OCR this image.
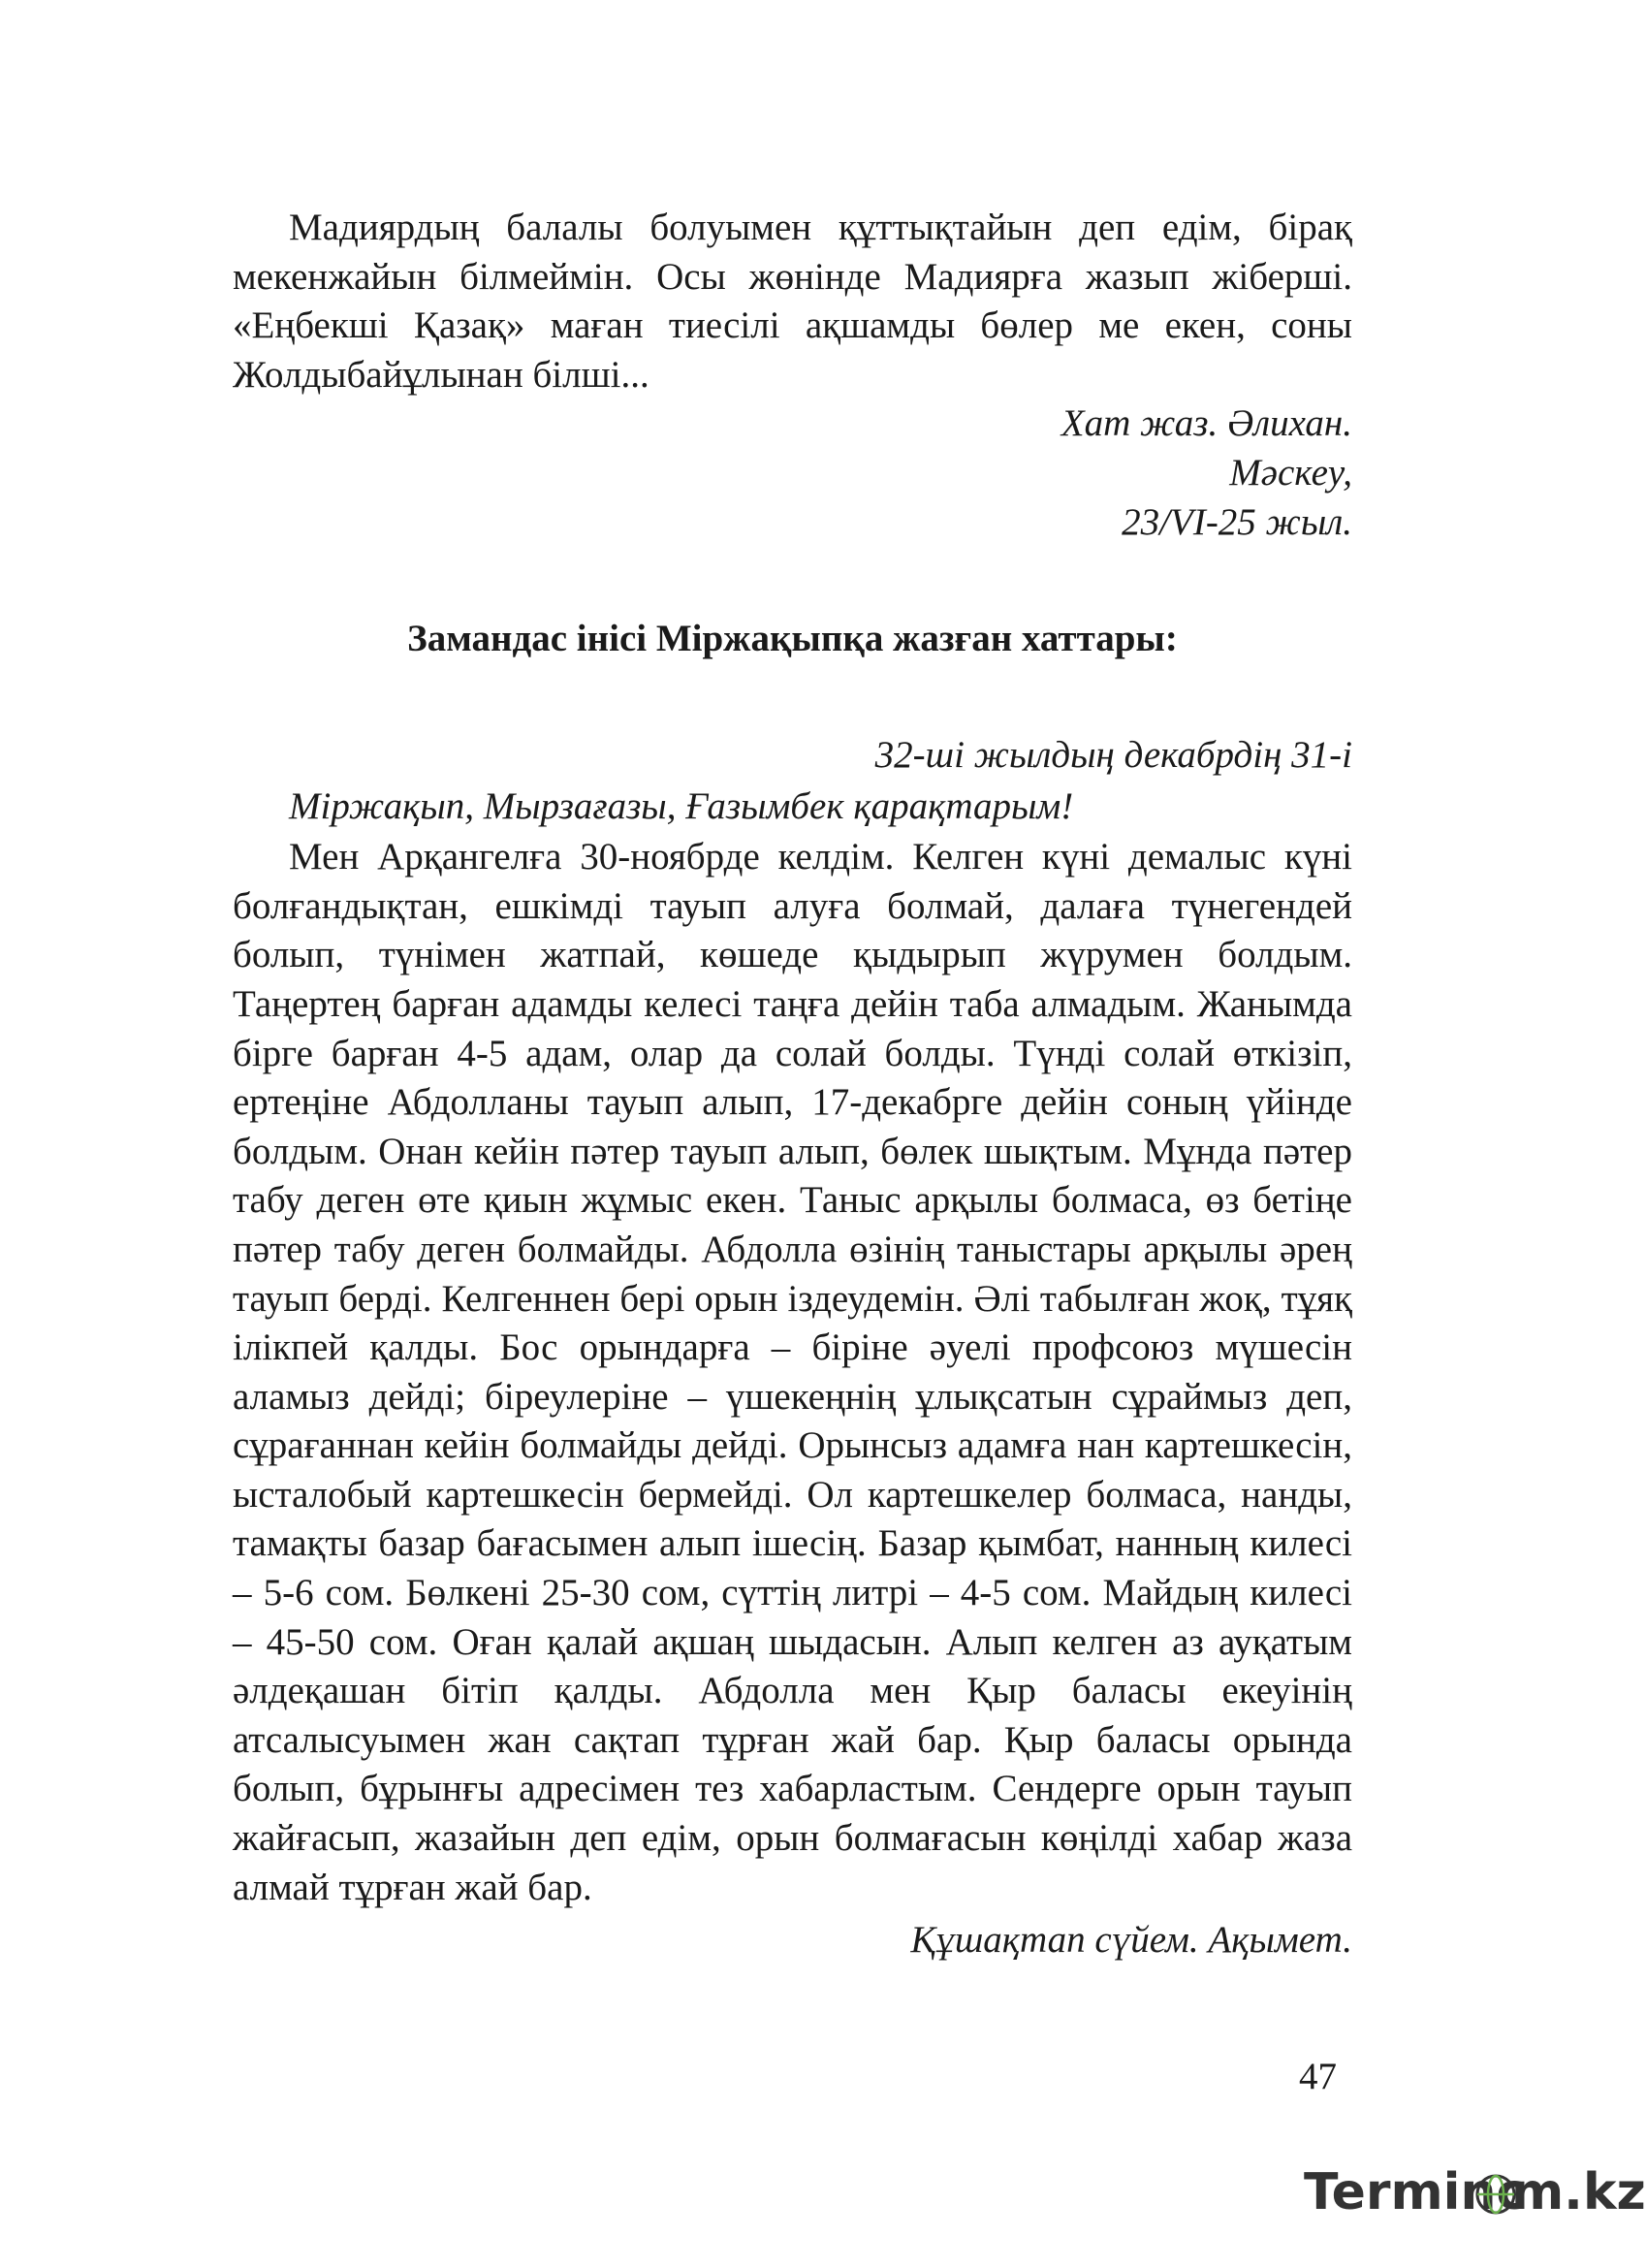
Мадиярдың балалы болуымен құттықтайын деп едім, бірақ мекенжайын білмеймін. Осы жөнінде Мадиярға жазып жіберші. «Еңбекші Қазақ» маған тиесілі ақшамды бөлер ме екен, соны Жолдыбайұлынан білші...

Хат жаз. Әлихан.
Мәскеу,
23/VI-25 жыл.
Замандас інісі Міржақыпқа жазған хаттары:
32-ші жылдың декабрдің 31-і
Міржақып, Мырзағазы, Ғазымбек қарақтарым!

Мен Арқангелға 30-ноябрде келдім. Келген күні демалыс күні болғандықтан, ешкімді тауып алуға болмай, далаға түнегендей болып, түнімен жатпай, көшеде қыдырып жүрумен болдым. Таңертең барған адамды келесі таңға дейін таба алмадым. Жанымда бірге барған 4-5 адам, олар да солай болды. Түнді солай өткізіп, ертеңіне Абдолланы тауып алып, 17-декабрге дейін соның үйінде болдым. Онан кейін пәтер тауып алып, бөлек шықтым. Мұнда пәтер табу деген өте қиын жұмыс екен. Таныс арқылы болмаса, өз бетіңе пәтер табу деген болмайды. Абдолла өзінің таныстары арқылы әрең тауып берді. Келгеннен бері орын іздеудемін. Әлі табылған жоқ, тұяқ ілікпей қалды. Бос орындарға – біріне әуелі профсоюз мүшесін аламыз дейді; біреулеріне – үшекеңнің ұлықсатын сұраймыз деп, сұрағаннан кейін болмайды дейді. Орынсыз адамға нан картешкесін, ысталобый картешкесін бермейді. Ол картешкелер болмаса, нанды, тамақты базар бағасымен алып ішесің. Базар қымбат, нанның килесі – 5-6 сом. Бөлкені 25-30 сом, сүттің литрі – 4-5 сом. Майдың килесі – 45-50 сом. Оған қалай ақшаң шыдасын. Алып келген аз ауқатым әлдеқашан бітіп қалды. Абдолла мен Қыр баласы екеуінің атсалысуымен жан сақтап тұрған жай бар. Қыр баласы орында болып, бұрынғы адресімен тез хабарластым. Сендерге орын тауып жайғасып, жазайын деп едім, орын болмағасын көңілді хабар жаза алмай тұрған жай бар.

Құшақтап сүйем. Ақымет.
47
Terminc
m.kz
